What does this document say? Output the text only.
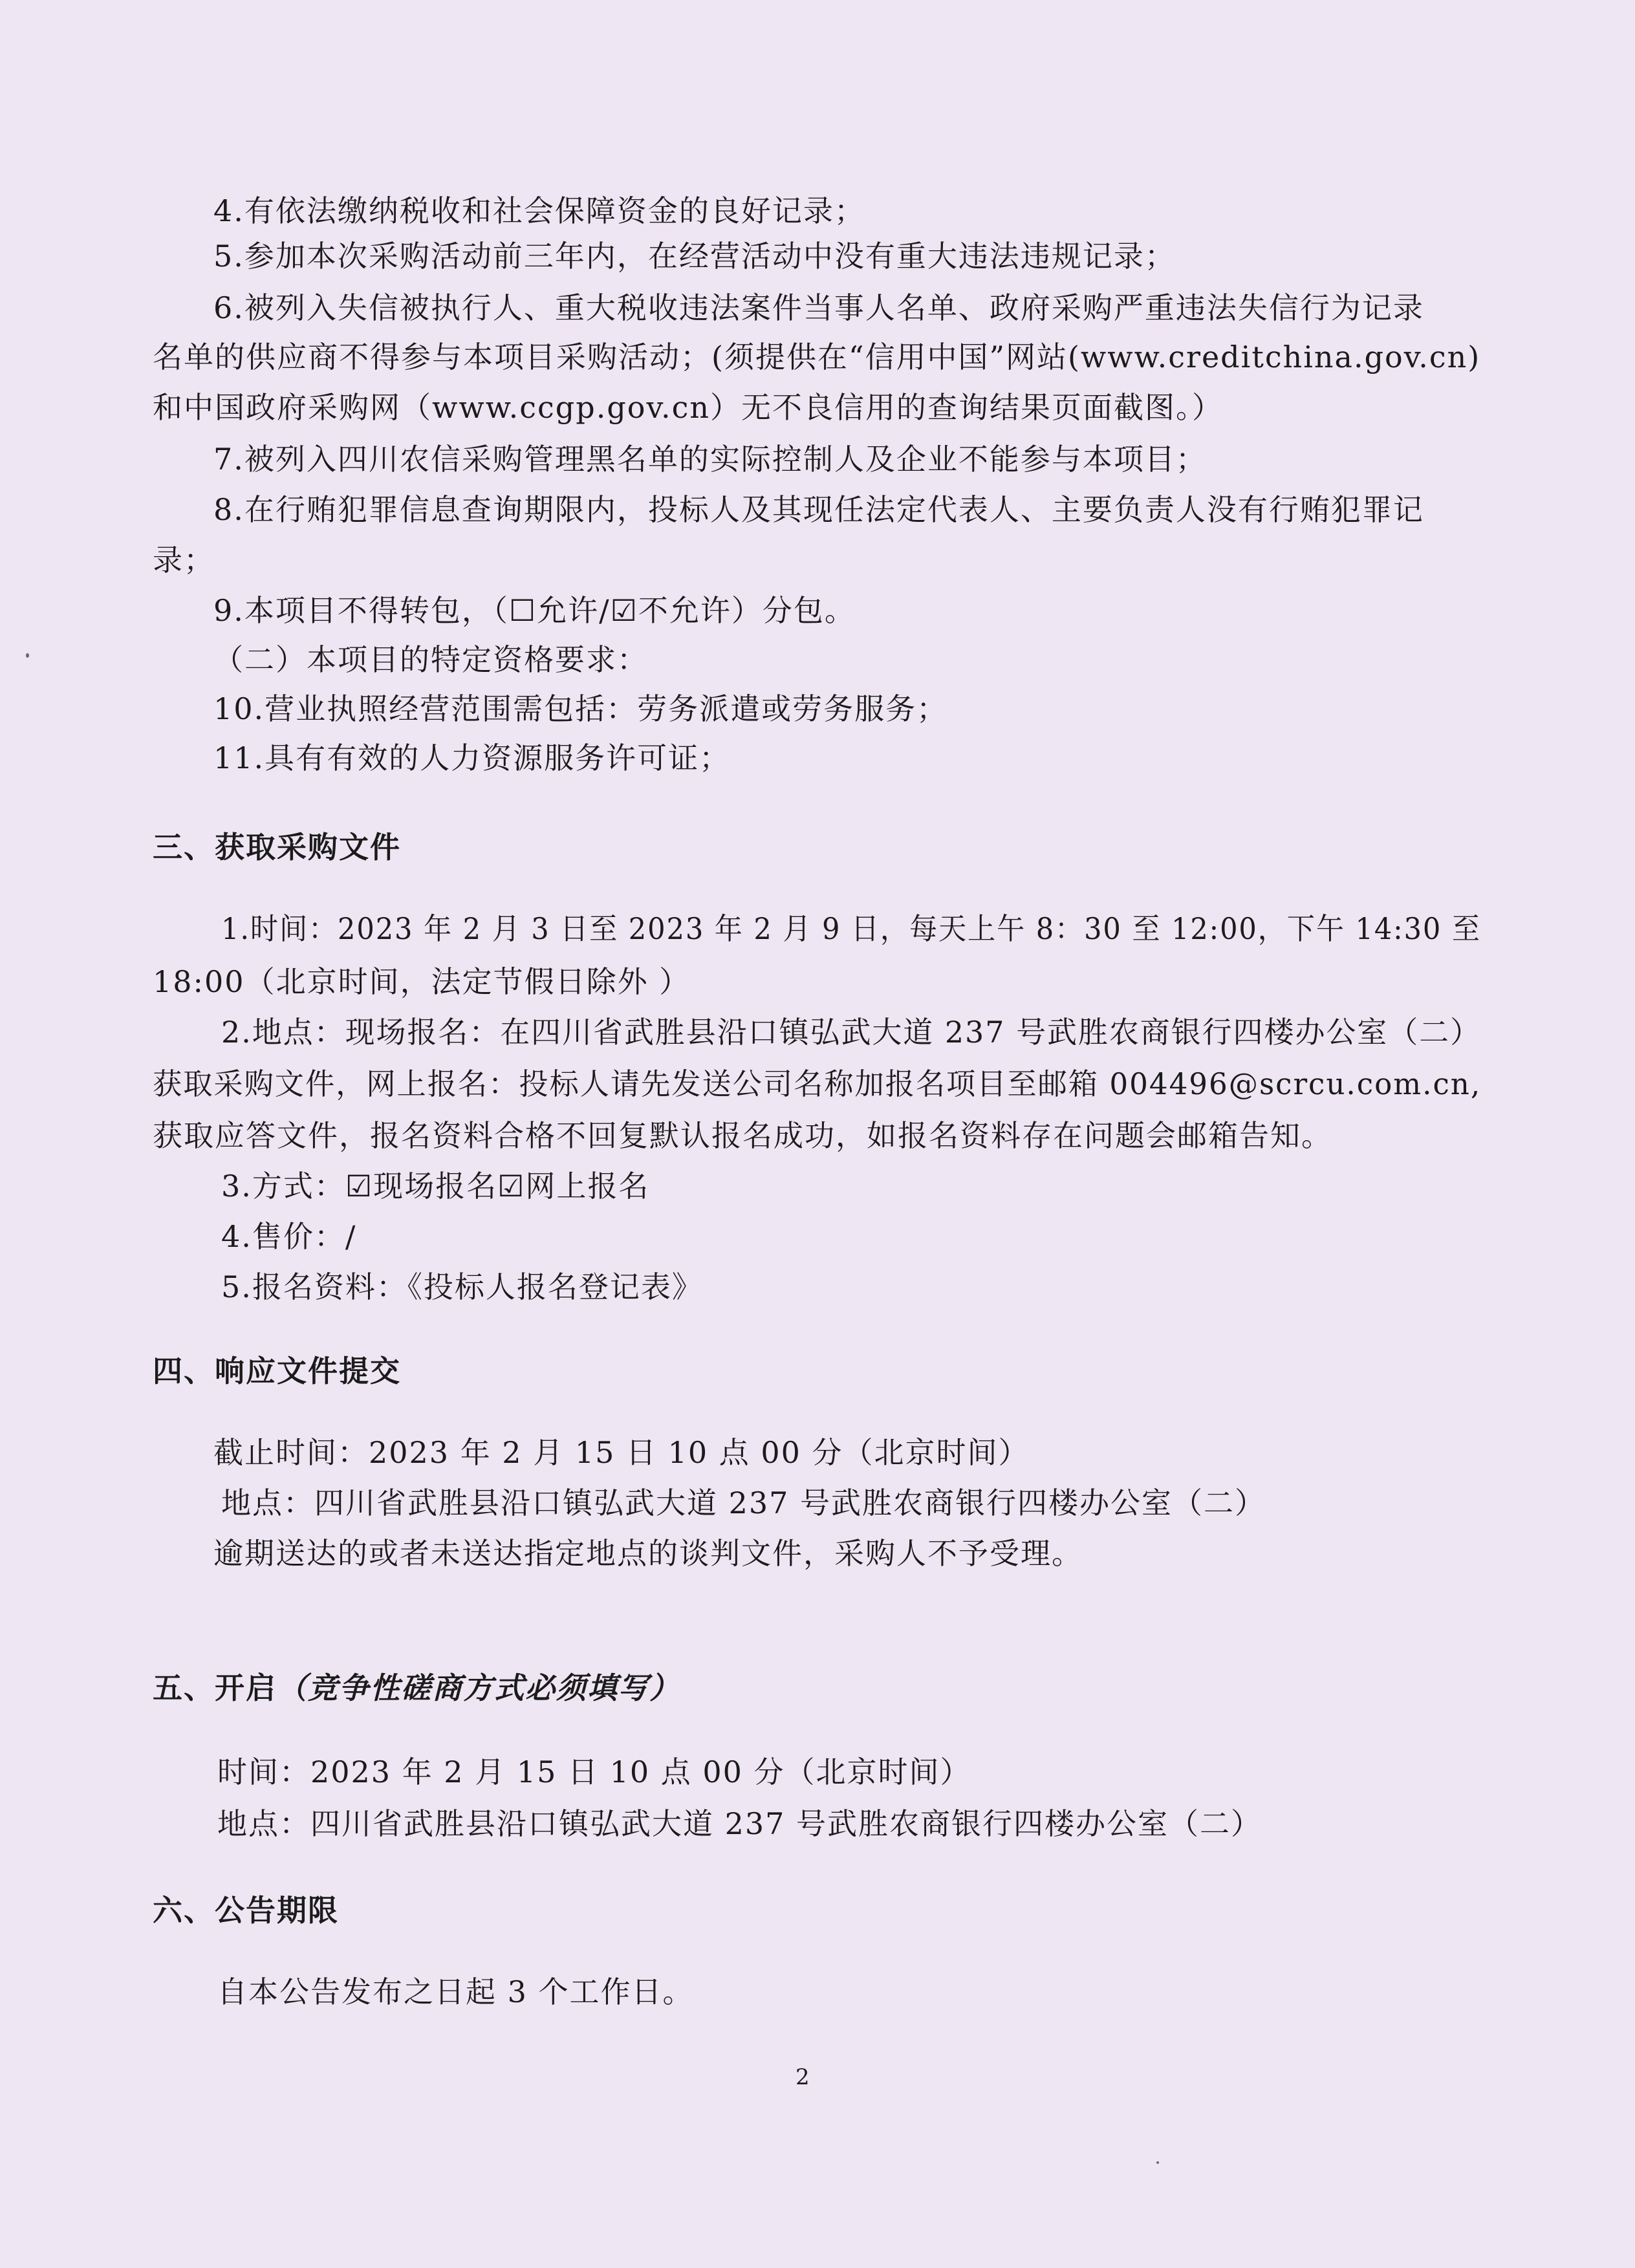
4.有依法缴纳税收和社会保障资金的良好记录；
5.参加本次采购活动前三年内，在经营活动中没有重大违法违规记录；
6.被列入失信被执行人、重大税收违法案件当事人名单、政府采购严重违法失信行为记录
名单的供应商不得参与本项目采购活动；(须提供在“信用中国”网站(www.creditchina.gov.cn)
和中国政府采购网（www.ccgp.gov.cn）无不良信用的查询结果页面截图。）
7.被列入四川农信采购管理黑名单的实际控制人及企业不能参与本项目；
8.在行贿犯罪信息查询期限内，投标人及其现任法定代表人、主要负责人没有行贿犯罪记
录；
9.本项目不得转包，（☐允许/☑不允许）分包。
（二）本项目的特定资格要求：
10.营业执照经营范围需包括：劳务派遣或劳务服务；
11.具有有效的人力资源服务许可证；
三、获取采购文件
1.时间：2023 年 2 月 3 日至 2023 年 2 月 9 日，每天上午 8：30 至 12:00，下午 14:30 至
18:00（北京时间，法定节假日除外 ）
2.地点：现场报名：在四川省武胜县沿口镇弘武大道 237 号武胜农商银行四楼办公室（二）
获取采购文件，网上报名：投标人请先发送公司名称加报名项目至邮箱 004496@scrcu.com.cn,
获取应答文件，报名资料合格不回复默认报名成功，如报名资料存在问题会邮箱告知。
3.方式：☑现场报名☑网上报名
4.售价：/
5.报名资料：《投标人报名登记表》
四、响应文件提交
截止时间：2023 年 2 月 15 日 10 点 00 分（北京时间）
地点：四川省武胜县沿口镇弘武大道 237 号武胜农商银行四楼办公室（二）
逾期送达的或者未送达指定地点的谈判文件，采购人不予受理。
五、开启（竞争性磋商方式必须填写）
时间：2023 年 2 月 15 日 10 点 00 分（北京时间）
地点：四川省武胜县沿口镇弘武大道 237 号武胜农商银行四楼办公室（二）
六、公告期限
自本公告发布之日起 3 个工作日。
2
